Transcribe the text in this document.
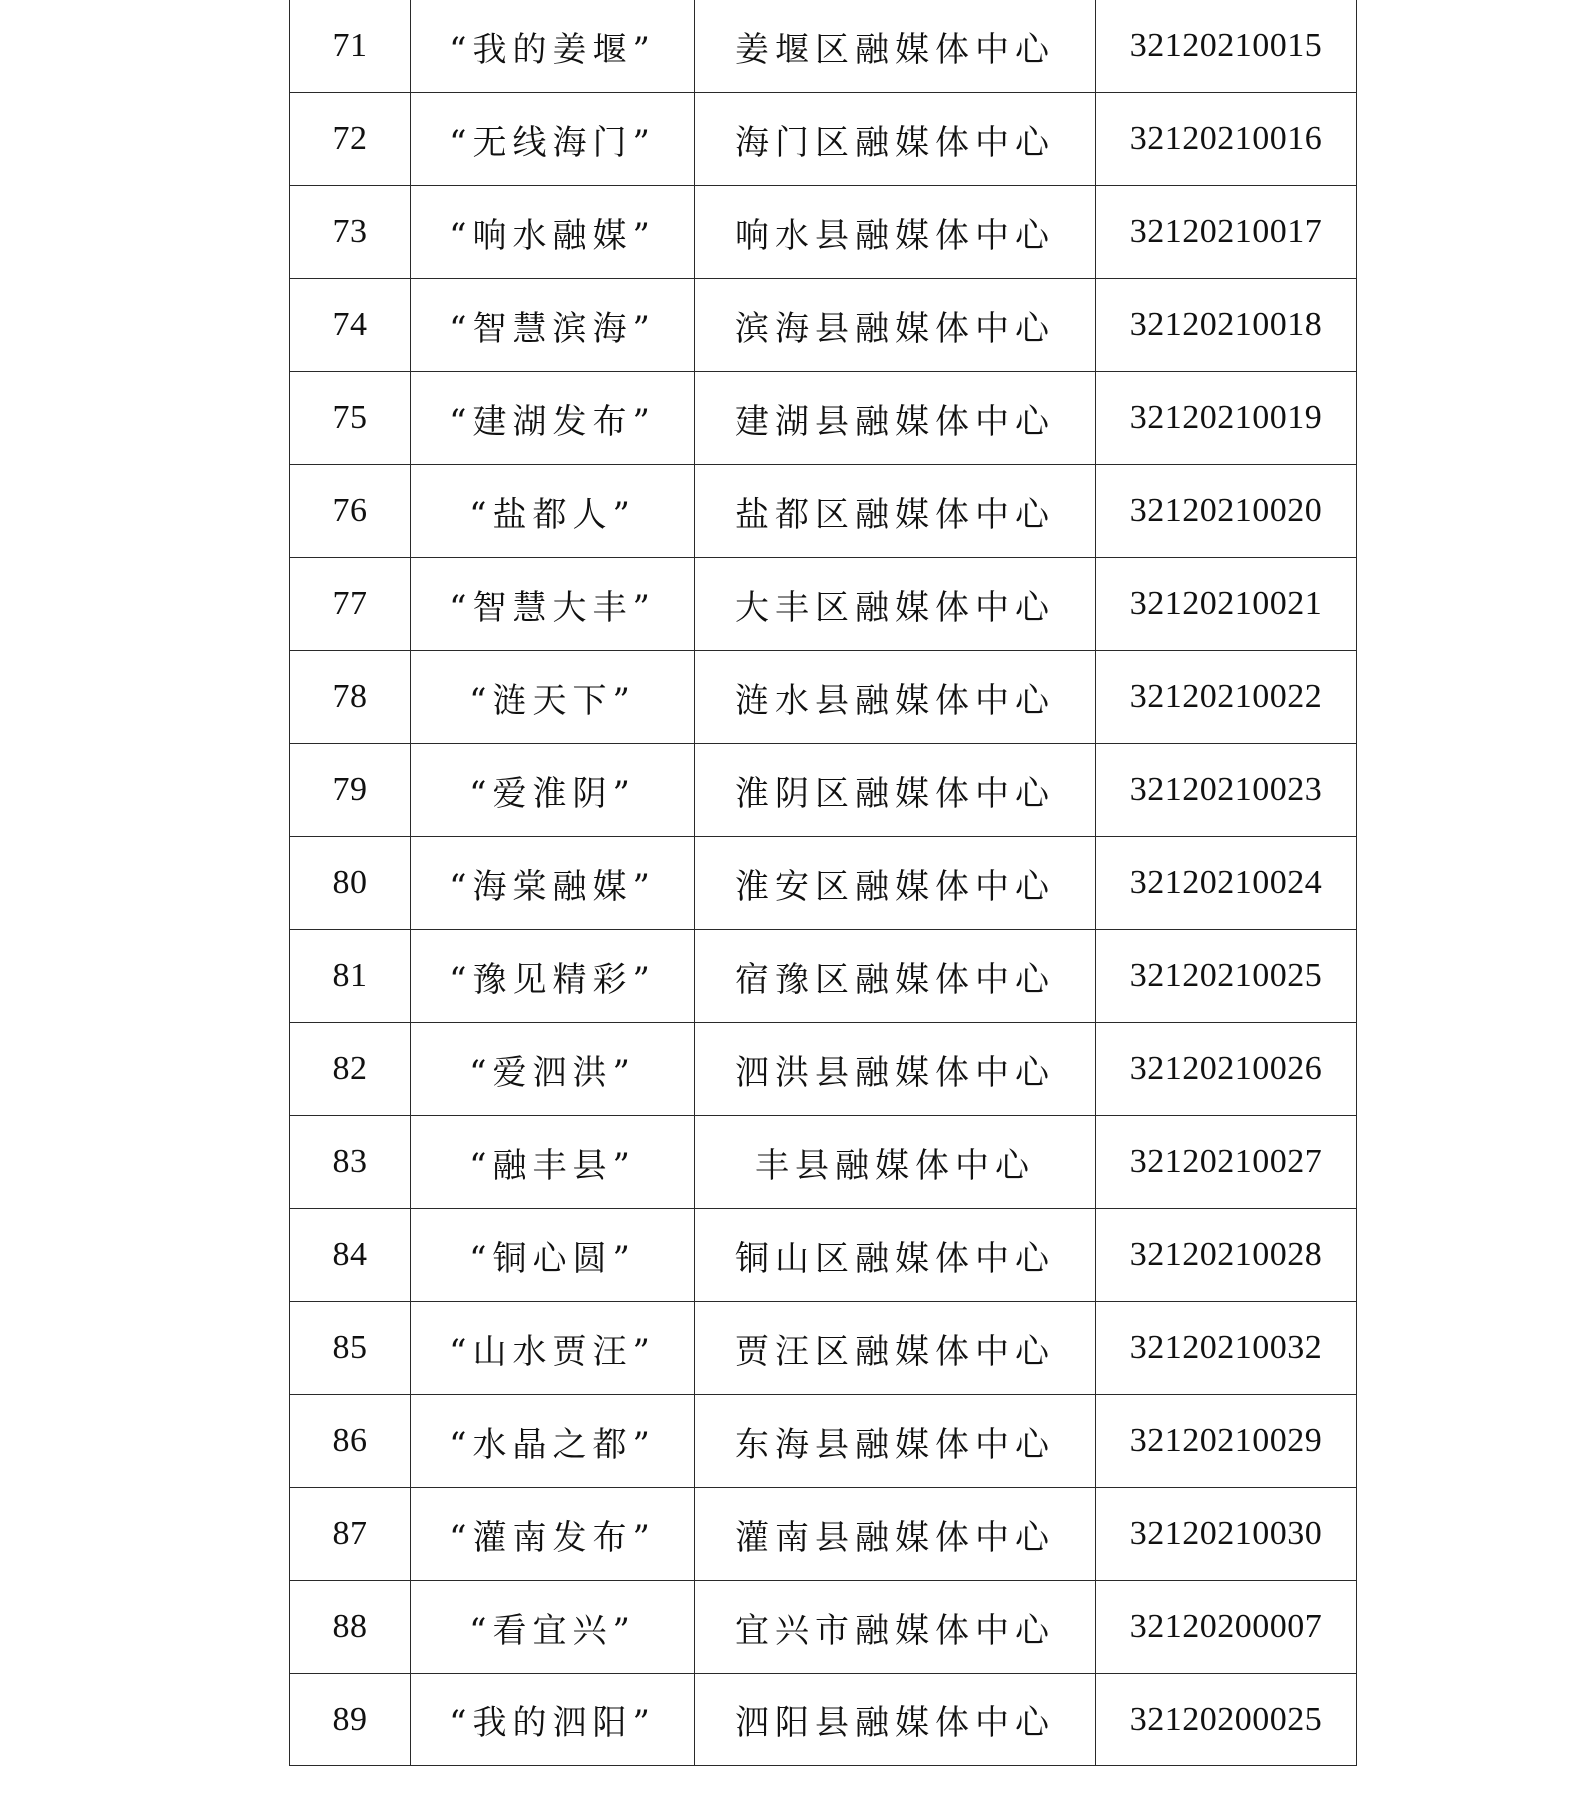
71	“我的姜堰”	姜堰区融媒体中心	32120210015
72	“无线海门”	海门区融媒体中心	32120210016
73	“响水融媒”	响水县融媒体中心	32120210017
74	“智慧滨海”	滨海县融媒体中心	32120210018
75	“建湖发布”	建湖县融媒体中心	32120210019
76	“盐都人”	盐都区融媒体中心	32120210020
77	“智慧大丰”	大丰区融媒体中心	32120210021
78	“涟天下”	涟水县融媒体中心	32120210022
79	“爱淮阴”	淮阴区融媒体中心	32120210023
80	“海棠融媒”	淮安区融媒体中心	32120210024
81	“豫见精彩”	宿豫区融媒体中心	32120210025
82	“爱泗洪”	泗洪县融媒体中心	32120210026
83	“融丰县”	丰县融媒体中心	32120210027
84	“铜心圆”	铜山区融媒体中心	32120210028
85	“山水贾汪”	贾汪区融媒体中心	32120210032
86	“水晶之都”	东海县融媒体中心	32120210029
87	“灌南发布”	灌南县融媒体中心	32120210030
88	“看宜兴”	宜兴市融媒体中心	32120200007
89	“我的泗阳”	泗阳县融媒体中心	32120200025
